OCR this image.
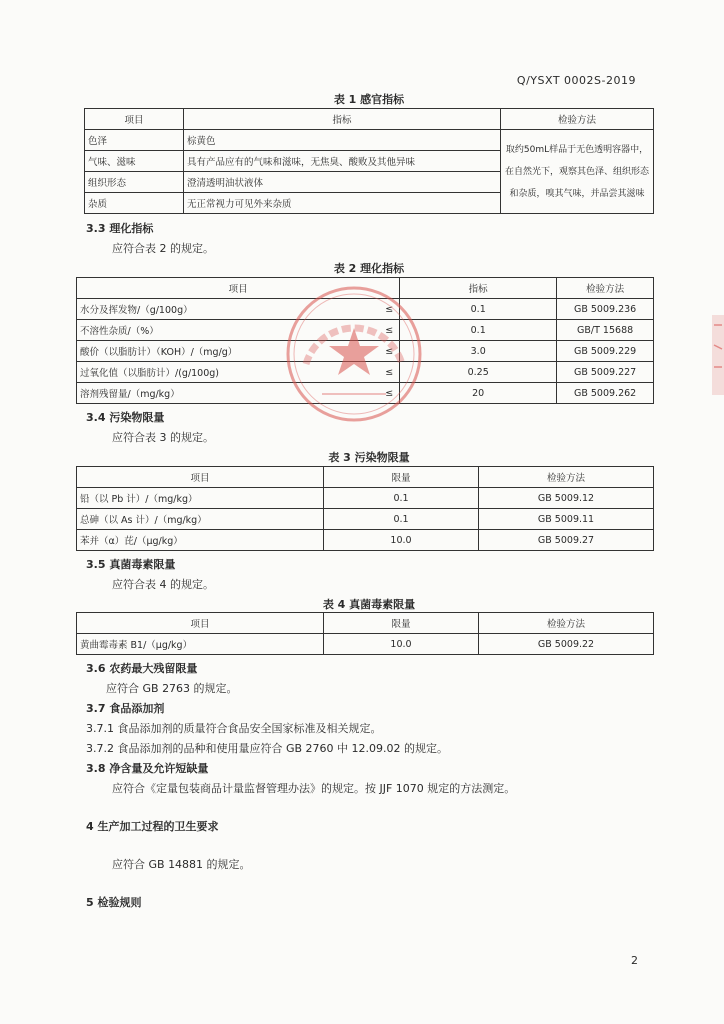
Q/YSXT 0002S-2019
表 1 感官指标
项目	指标	检验方法
色泽	棕黄色	取约50mL样品于无色透明容器中，在自然光下，观察其色泽、组织形态和杂质，嗅其气味，并品尝其滋味
气味、滋味	具有产品应有的气味和滋味，无焦臭、酸败及其他异味	
组织形态	澄清透明油状液体	
杂质	无正常视力可见外来杂质	
3.3 理化指标
应符合表 2 的规定。
表 2 理化指标
项目		指标	检验方法
水分及挥发物/（g/100g）	≤	0.1	GB 5009.236
不溶性杂质/（%）	≤	0.1	GB/T 15688
酸价（以脂肪计）（KOH）/（mg/g）	≤	3.0	GB 5009.229
过氧化值（以脂肪计）/(g/100g)	≤	0.25	GB 5009.227
溶剂残留量/（mg/kg）	≤	20	GB 5009.262
3.4 污染物限量
应符合表 3 的规定。
表 3 污染物限量
项目	限量	检验方法
铅（以 Pb 计）/（mg/kg）	0.1	GB 5009.12
总砷（以 As 计）/（mg/kg）	0.1	GB 5009.11
苯并（α）芘/（μg/kg）	10.0	GB 5009.27
3.5 真菌毒素限量
应符合表 4 的规定。
表 4 真菌毒素限量
项目	限量	检验方法
黄曲霉毒素 B1/（μg/kg）	10.0	GB 5009.22
3.6 农药最大残留限量
应符合 GB 2763 的规定。
3.7 食品添加剂
3.7.1 食品添加剂的质量符合食品安全国家标准及相关规定。
3.7.2 食品添加剂的品种和使用量应符合 GB 2760 中 12.09.02 的规定。
3.8 净含量及允许短缺量
应符合《定量包装商品计量监督管理办法》的规定。按 JJF 1070 规定的方法测定。
4 生产加工过程的卫生要求
应符合 GB 14881 的规定。
5 检验规则
2
